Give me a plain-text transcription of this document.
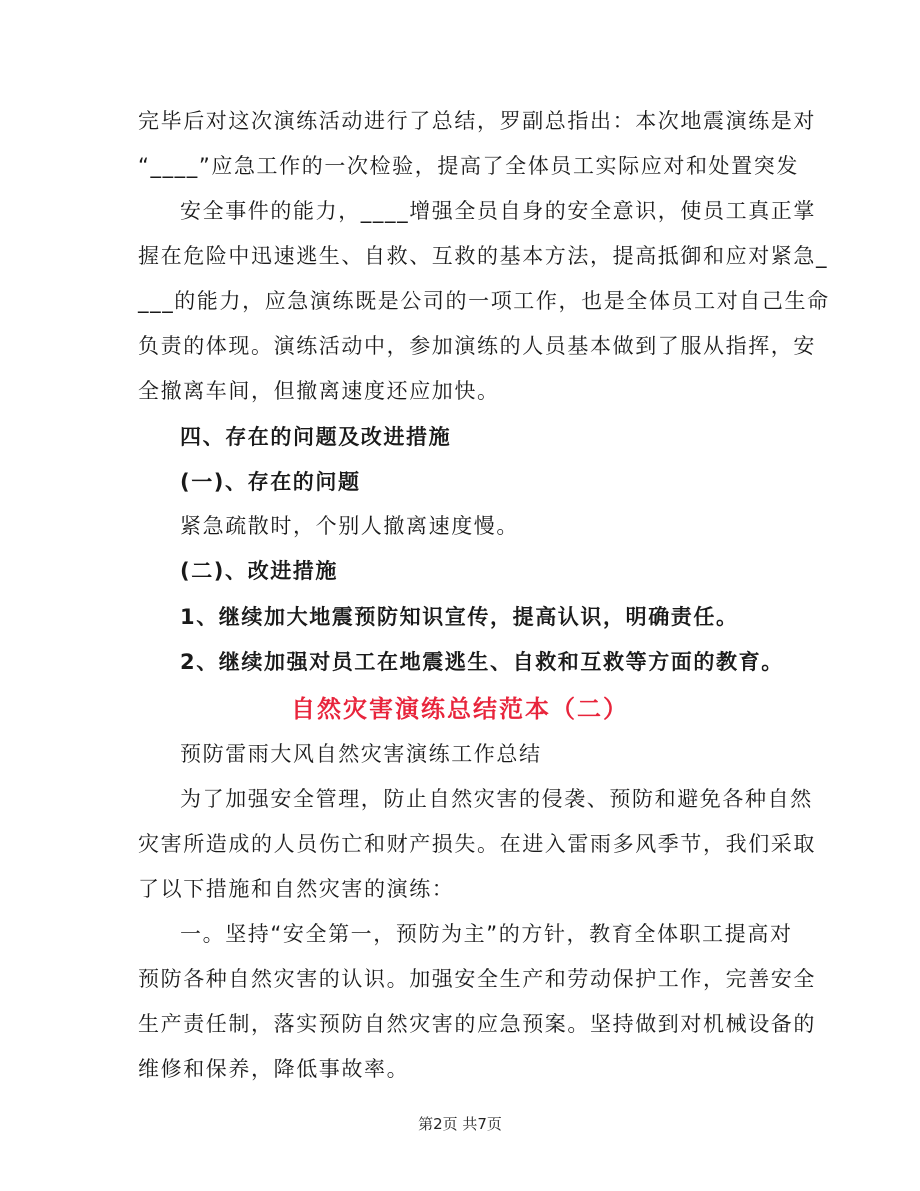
完毕后对这次演练活动进行了总结，罗副总指出：本次地震演练是对
“____”应急工作的一次检验，提高了全体员工实际应对和处置突发
安全事件的能力，____增强全员自身的安全意识，使员工真正掌
握在危险中迅速逃生、自救、互救的基本方法，提高抵御和应对紧急_
___的能力，应急演练既是公司的一项工作，也是全体员工对自己生命
负责的体现。演练活动中，参加演练的人员基本做到了服从指挥，安
全撤离车间，但撤离速度还应加快。
四、存在的问题及改进措施
(一)、存在的问题
紧急疏散时，个别人撤离速度慢。
(二)、改进措施
1、继续加大地震预防知识宣传，提高认识，明确责任。
2、继续加强对员工在地震逃生、自救和互救等方面的教育。
自然灾害演练总结范本（二）
预防雷雨大风自然灾害演练工作总结
为了加强安全管理，防止自然灾害的侵袭、预防和避免各种自然
灾害所造成的人员伤亡和财产损失。在进入雷雨多风季节，我们采取
了以下措施和自然灾害的演练：
一。坚持“安全第一，预防为主”的方针，教育全体职工提高对
预防各种自然灾害的认识。加强安全生产和劳动保护工作，完善安全
生产责任制，落实预防自然灾害的应急预案。坚持做到对机械设备的
维修和保养，降低事故率。
第2页 共7页
